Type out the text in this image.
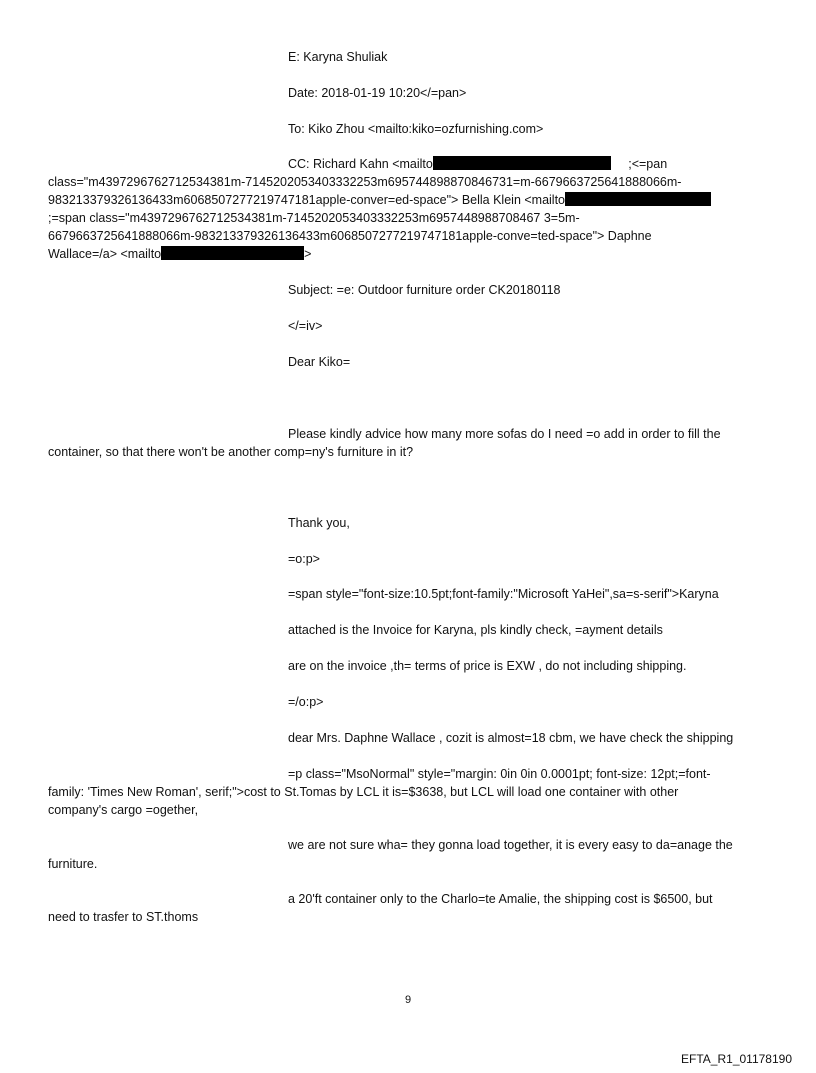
E: Karyna Shuliak
Date: 2018-01-19 10:20</=pan>
To: Kiko Zhou <mailto:kiko=ozfurnishing.com>
CC: Richard Kahn <mailto	;<=pan
class="m4397296762712534381m-7145202053403332253m695744898870846731=m-6679663725641888066m-
983213379326136433m6068507277219747181apple-conver=ed-space"> Bella Klein <mailto
;=span class="m4397296762712534381m-7145202053403332253m6957448988708467 3=5m-
6679663725641888066m-983213379326136433m6068507277219747181apple-conve=ted-space"> Daphne
Wallace=/a> <mailto	>
Subject: =e: Outdoor furniture order CK20180118
</=iv>
Dear Kiko=
Please kindly advice how many more sofas do I need =o add in order to fill the
container, so that there won't be another comp=ny's furniture in it?
Thank you,
=o:p>
=span style="font-size:10.5pt;font-family:"Microsoft YaHei",sa=s-serif">Karyna
attached is the Invoice for Karyna, pls kindly check, =ayment details
are on the invoice ,th= terms of price is EXW , do not including shipping.
=/o:p>
dear Mrs. Daphne Wallace , cozit is almost=18 cbm, we have check the shipping
=p class="MsoNormal" style="margin: 0in 0in 0.0001pt; font-size: 12pt;=font-
family: 'Times New Roman', serif;">cost to St.Tomas by LCL it is=$3638, but LCL will load one container with other
company's cargo =ogether,
we are not sure wha= they gonna load together, it is every easy to da=anage the
furniture.
a 20'ft container only to the Charlo=te Amalie, the shipping cost is $6500, but
need to trasfer to ST.thoms
9
EFTA_R1_01178190
